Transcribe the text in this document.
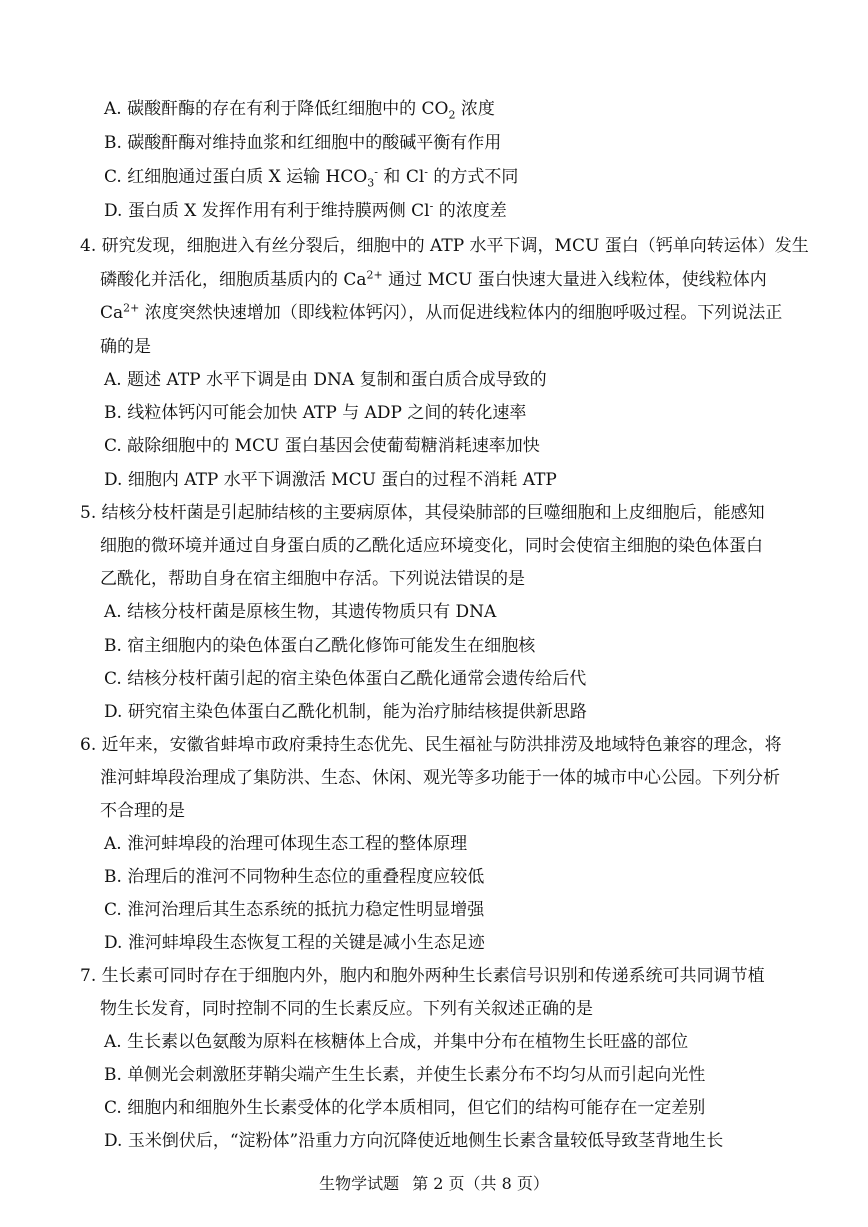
A. 碳酸酐酶的存在有利于降低红细胞中的 $CO_2$ 浓度
B. 碳酸酐酶对维持血浆和红细胞中的酸碱平衡有作用
C. 红细胞通过蛋白质 X 运输 $HCO_3^-$ 和 Cl- 的方式不同
D. 蛋白质 X 发挥作用有利于维持膜两侧 Cl- 的浓度差
4. 研究发现，细胞进入有丝分裂后，细胞中的 ATP 水平下调，MCU 蛋白（钙单向转运体）发生
磷酸化并活化，细胞质基质内的 $Ca^{2+}$ 通过 MCU 蛋白快速大量进入线粒体，使线粒体内
$Ca^{2+}$ 浓度突然快速增加（即线粒体钙闪），从而促进线粒体内的细胞呼吸过程。下列说法正
确的是
A. 题述 ATP 水平下调是由 DNA 复制和蛋白质合成导致的
B. 线粒体钙闪可能会加快 ATP 与 ADP 之间的转化速率
C. 敲除细胞中的 MCU 蛋白基因会使葡萄糖消耗速率加快
D. 细胞内 ATP 水平下调激活 MCU 蛋白的过程不消耗 ATP
5. 结核分枝杆菌是引起肺结核的主要病原体，其侵染肺部的巨噬细胞和上皮细胞后，能感知
细胞的微环境并通过自身蛋白质的乙酰化适应环境变化，同时会使宿主细胞的染色体蛋白
乙酰化，帮助自身在宿主细胞中存活。下列说法错误的是
A. 结核分枝杆菌是原核生物，其遗传物质只有 DNA
B. 宿主细胞内的染色体蛋白乙酰化修饰可能发生在细胞核
C. 结核分枝杆菌引起的宿主染色体蛋白乙酰化通常会遗传给后代
D. 研究宿主染色体蛋白乙酰化机制，能为治疗肺结核提供新思路
6. 近年来，安徽省蚌埠市政府秉持生态优先、民生福祉与防洪排涝及地域特色兼容的理念，将
淮河蚌埠段治理成了集防洪、生态、休闲、观光等多功能于一体的城市中心公园。下列分析
不合理的是
A. 淮河蚌埠段的治理可体现生态工程的整体原理
B. 治理后的淮河不同物种生态位的重叠程度应较低
C. 淮河治理后其生态系统的抵抗力稳定性明显增强
D. 淮河蚌埠段生态恢复工程的关键是减小生态足迹
7. 生长素可同时存在于细胞内外，胞内和胞外两种生长素信号识别和传递系统可共同调节植
物生长发育，同时控制不同的生长素反应。下列有关叙述正确的是
A. 生长素以色氨酸为原料在核糖体上合成，并集中分布在植物生长旺盛的部位
B. 单侧光会刺激胚芽鞘尖端产生生长素，并使生长素分布不均匀从而引起向光性
C. 细胞内和细胞外生长素受体的化学本质相同，但它们的结构可能存在一定差别
D. 玉米倒伏后，“淀粉体”沿重力方向沉降使近地侧生长素含量较低导致茎背地生长
生物学试题 第 2 页（共 8 页）
